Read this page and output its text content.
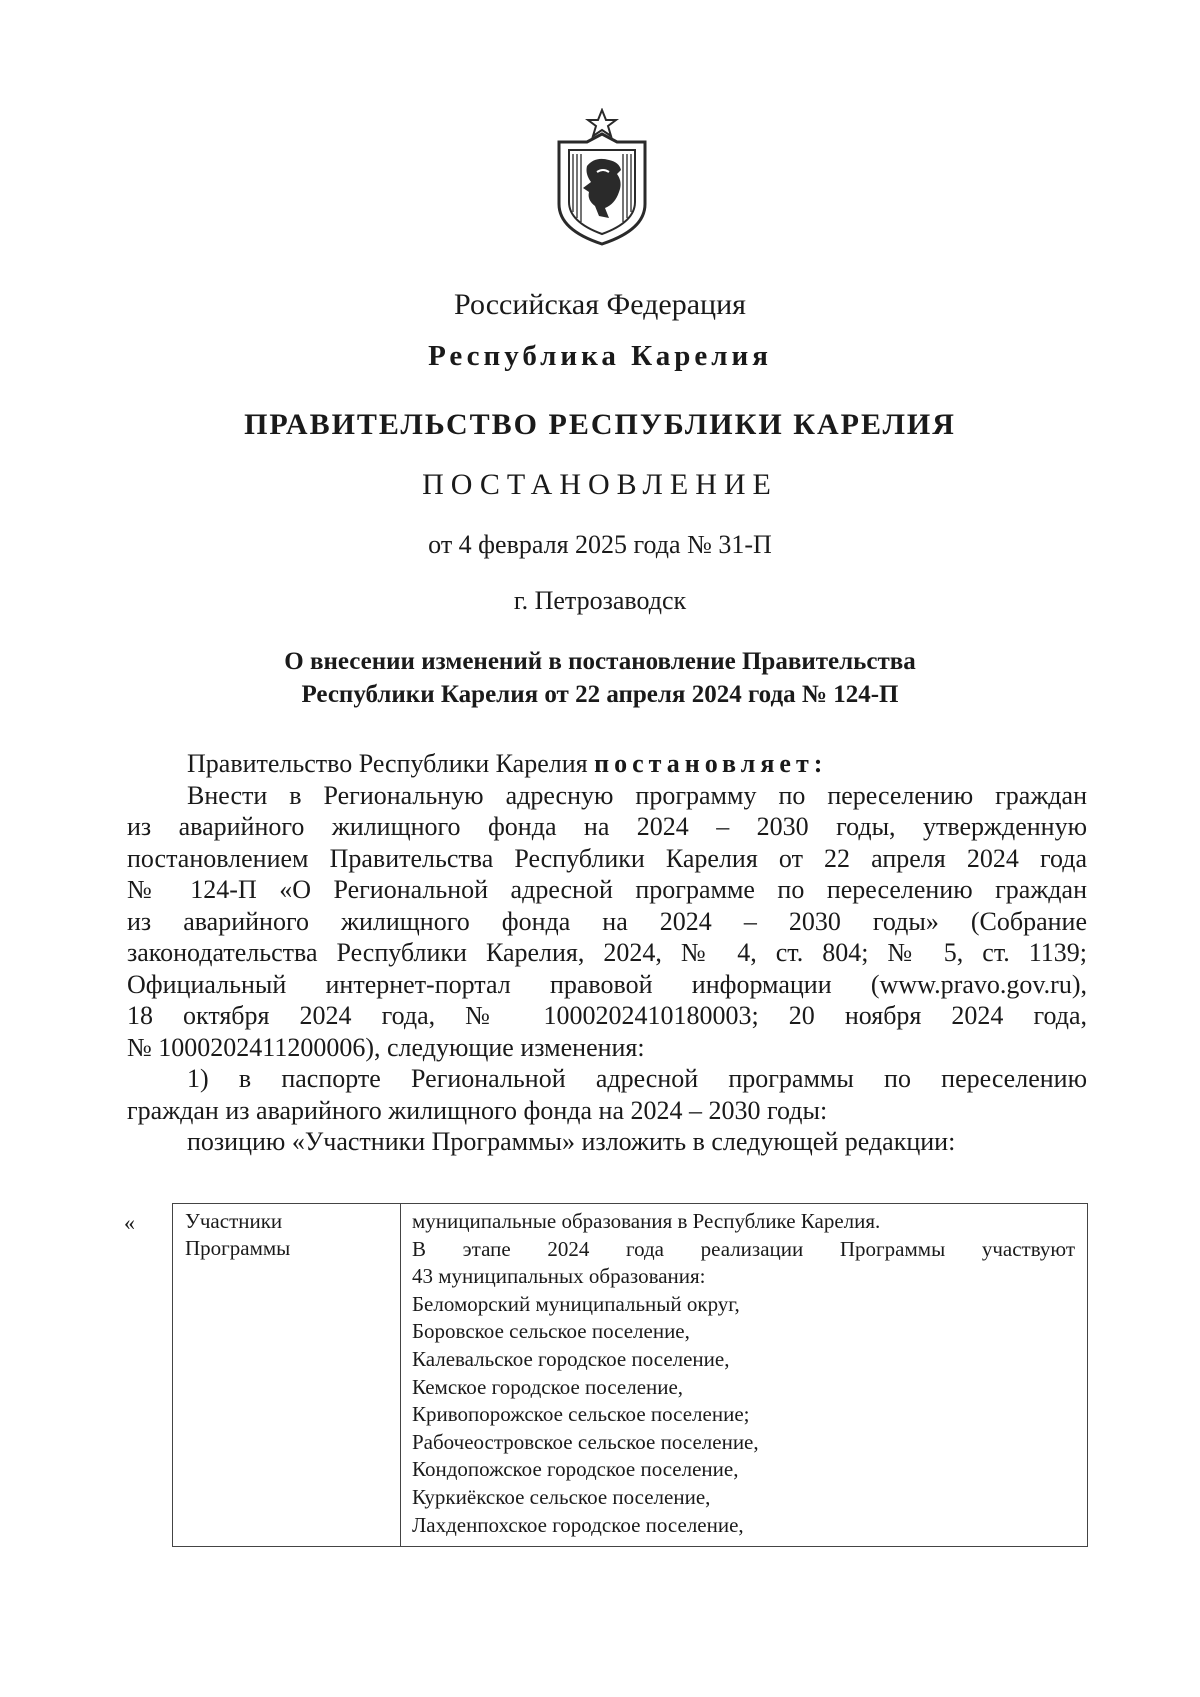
Российская Федерация
Республика Карелия
ПРАВИТЕЛЬСТВО РЕСПУБЛИКИ КАРЕЛИЯ
ПОСТАНОВЛЕНИЕ
от 4 февраля 2025 года № 31-П
г. Петрозаводск
О внесении изменений в постановление Правительства
Республики Карелия от 22 апреля 2024 года № 124-П
Правительство Республики Карелия постановляет:
Внести в Региональную адресную программу по переселению граждан
из аварийного жилищного фонда на 2024 – 2030 годы, утвержденную
постановлением Правительства Республики Карелия от 22 апреля 2024 года
№ 124-П «О Региональной адресной программе по переселению граждан
из аварийного жилищного фонда на 2024 – 2030 годы» (Собрание
законодательства Республики Карелия, 2024, № 4, ст. 804; № 5, ст. 1139;
Официальный интернет-портал правовой информации (www.pravo.gov.ru),
18 октября 2024 года, № 1000202410180003; 20 ноября 2024 года,
№ 1000202411200006), следующие изменения:
1) в паспорте Региональной адресной программы по переселению
граждан из аварийного жилищного фонда на 2024 – 2030 годы:
позицию «Участники Программы» изложить в следующей редакции:
« Участники
Программы
муниципальные образования в Республике Карелия.
В этапе 2024 года реализации Программы участвуют
43 муниципальных образования:
Беломорский муниципальный округ,
Боровское сельское поселение,
Калевальское городское поселение,
Кемское городское поселение,
Кривопорожское сельское поселение;
Рабочеостровское сельское поселение,
Кондопожское городское поселение,
Куркиёкское сельское поселение,
Лахденпохское городское поселение,
